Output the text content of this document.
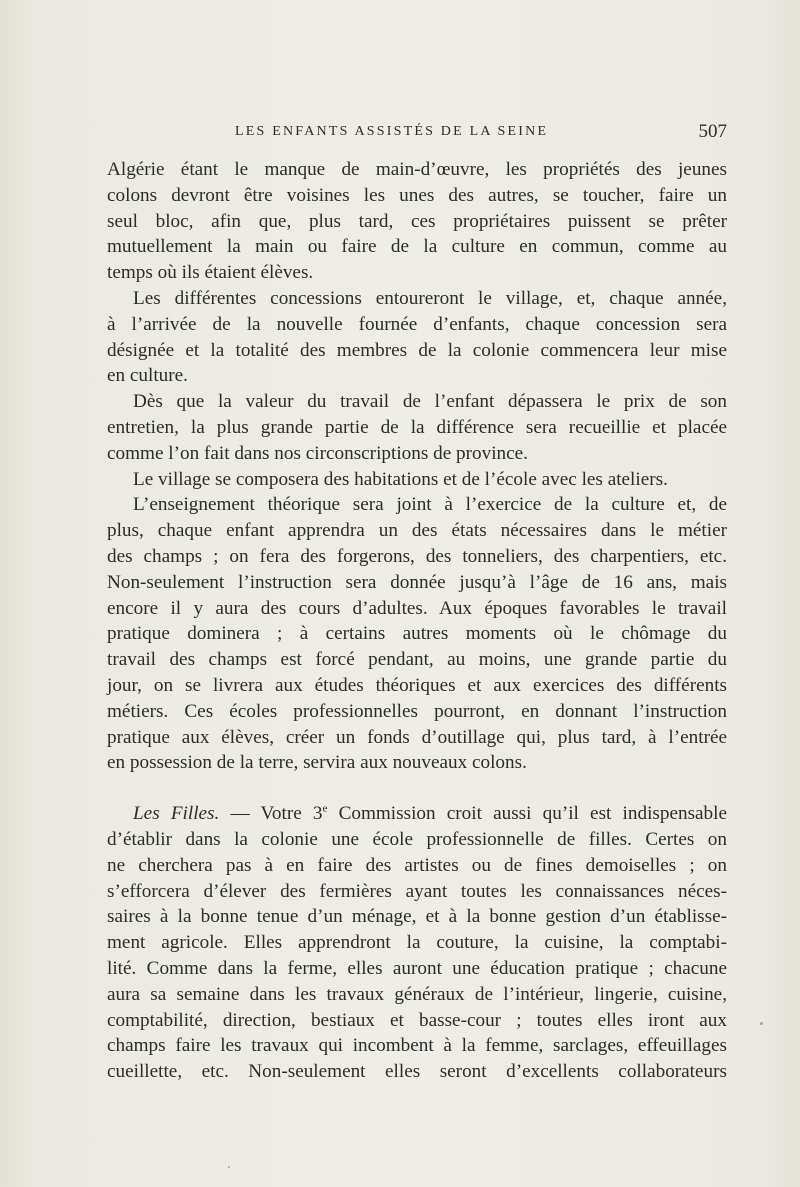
LES ENFANTS ASSISTÉS DE LA SEINE	507

Algérie étant le manque de main-d’œuvre, les propriétés des jeunes
colons devront être voisines les unes des autres, se toucher, faire un
seul bloc, afin que, plus tard, ces propriétaires puissent se prêter
mutuellement la main ou faire de la culture en commun, comme au
temps où ils étaient élèves.

Les différentes concessions entoureront le village, et, chaque année,
à l’arrivée de la nouvelle fournée d’enfants, chaque concession sera
désignée et la totalité des membres de la colonie commencera leur mise
en culture.

Dès que la valeur du travail de l’enfant dépassera le prix de son
entretien, la plus grande partie de la différence sera recueillie et placée
comme l’on fait dans nos circonscriptions de province.

Le village se composera des habitations et de l’école avec les ateliers.

L’enseignement théorique sera joint à l’exercice de la culture et, de
plus, chaque enfant apprendra un des états nécessaires dans le métier
des champs ; on fera des forgerons, des tonneliers, des charpentiers, etc.
Non-seulement l’instruction sera donnée jusqu’à l’âge de 16 ans, mais
encore il y aura des cours d’adultes. Aux époques favorables le travail
pratique dominera ; à certains autres moments où le chômage du
travail des champs est forcé pendant, au moins, une grande partie du
jour, on se livrera aux études théoriques et aux exercices des différents
métiers. Ces écoles professionnelles pourront, en donnant l’instruction
pratique aux élèves, créer un fonds d’outillage qui, plus tard, à l’entrée
en possession de la terre, servira aux nouveaux colons.

Les Filles. — Votre 3e Commission croit aussi qu’il est indispensable
d’établir dans la colonie une école professionnelle de filles. Certes on
ne cherchera pas à en faire des artistes ou de fines demoiselles ; on
s’efforcera d’élever des fermières ayant toutes les connaissances néces-
saires à la bonne tenue d’un ménage, et à la bonne gestion d’un établisse-
ment agricole. Elles apprendront la couture, la cuisine, la comptabi-
lité. Comme dans la ferme, elles auront une éducation pratique ; chacune
aura sa semaine dans les travaux généraux de l’intérieur, lingerie, cuisine,
comptabilité, direction, bestiaux et basse-cour ; toutes elles iront aux
champs faire les travaux qui incombent à la femme, sarclages, effeuillages
cueillette, etc. Non-seulement elles seront d’excellents collaborateurs
